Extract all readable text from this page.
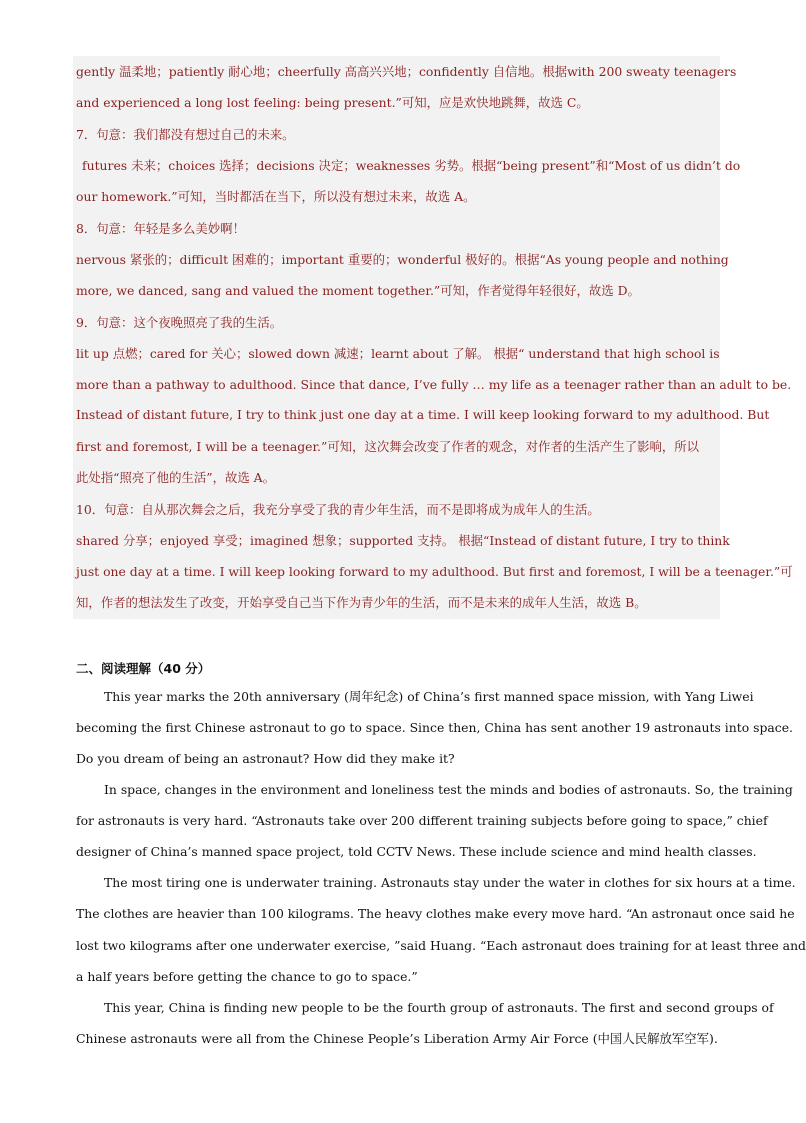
gently 温柔地；patiently 耐心地；cheerfully 高高兴兴地；confidently 自信地。根据with 200 sweaty teenagers
and experienced a long lost feeling: being present.”可知，应是欢快地跳舞，故选 C。
7．句意：我们都没有想过自己的未来。
futures 未来；choices 选择；decisions 决定；weaknesses 劣势。根据“being present”和“Most of us didn’t do
our homework.”可知，当时都活在当下，所以没有想过未来，故选 A。
8．句意：年轻是多么美妙啊！
nervous 紧张的；difficult 困难的；important 重要的；wonderful 极好的。根据“As young people and nothing
more, we danced, sang and valued the moment together.”可知，作者觉得年轻很好，故选 D。
9．句意：这个夜晚照亮了我的生活。
lit up 点燃；cared for 关心；slowed down 减速；learnt about 了解。 根据“ understand that high school is
more than a pathway to adulthood. Since that dance, I’ve fully … my life as a teenager rather than an adult to be.
Instead of distant future, I try to think just one day at a time. I will keep looking forward to my adulthood. But
first and foremost, I will be a teenager.”可知，这次舞会改变了作者的观念，对作者的生活产生了影响，所以
此处指“照亮了他的生活”，故选 A。
10．句意：自从那次舞会之后，我充分享受了我的青少年生活，而不是即将成为成年人的生活。
shared 分享；enjoyed 享受；imagined 想象；supported 支持。 根据“Instead of distant future, I try to think
just one day at a time. I will keep looking forward to my adulthood. But first and foremost, I will be a teenager.”可
知，作者的想法发生了改变，开始享受自己当下作为青少年的生活，而不是未来的成年人生活，故选 B。
二、阅读理解（40 分）
This year marks the 20th anniversary (周年纪念) of China’s first manned space mission, with Yang Liwei
becoming the first Chinese astronaut to go to space. Since then, China has sent another 19 astronauts into space.
Do you dream of being an astronaut? How did they make it?
In space, changes in the environment and loneliness test the minds and bodies of astronauts. So, the training
for astronauts is very hard. “Astronauts take over 200 different training subjects before going to space,” chief
designer of China’s manned space project, told CCTV News. These include science and mind health classes.
The most tiring one is underwater training. Astronauts stay under the water in clothes for six hours at a time.
The clothes are heavier than 100 kilograms. The heavy clothes make every move hard. “An astronaut once said he
lost two kilograms after one underwater exercise, ”said Huang. “Each astronaut does training for at least three and
a half years before getting the chance to go to space.”
This year, China is finding new people to be the fourth group of astronauts. The first and second groups of
Chinese astronauts were all from the Chinese People’s Liberation Army Air Force (中国人民解放军空军).
